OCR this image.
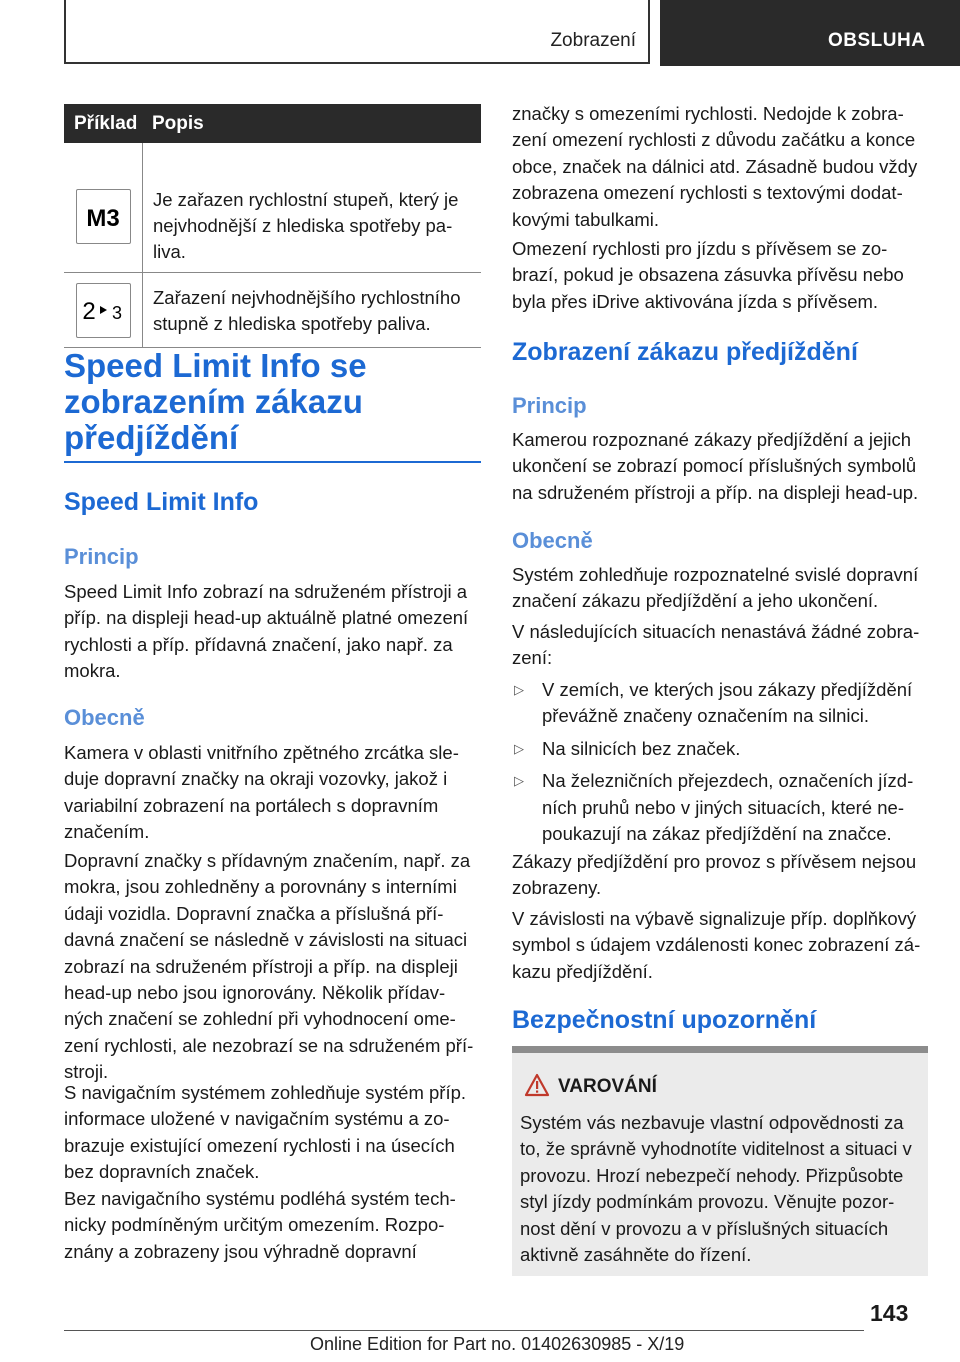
Zobrazení	OBSLUHA
Příklad Popis
M3
Je zařazen rychlostní stupeň, který je nejvhodnější z hlediska spotřeby pa‐liva.
2 3
Zařazení nejvhodnějšího rychlostního stupně z hlediska spotřeby paliva.
Speed Limit Info se zobrazením zákazu předjíždění
Speed Limit Info
Princip
Speed Limit Info zobrazí na sdruženém přístroji a příp. na displeji head-up aktuálně platné omezení rychlosti a příp. přídavná značení, jako např. za mokra.
Obecně
Kamera v oblasti vnitřního zpětného zrcátka sle‐duje dopravní značky na okraji vozovky, jakož i variabilní zobrazení na portálech s dopravním značením.
Dopravní značky s přídavným značením, např. za mokra, jsou zohledněny a porovnány s interními údaji vozidla. Dopravní značka a příslušná pří‐davná značení se následně v závislosti na situaci zobrazí na sdruženém přístroji a příp. na displeji head-up nebo jsou ignorovány. Několik přídav‐ných značení se zohlední při vyhodnocení ome‐zení rychlosti, ale nezobrazí se na sdruženém pří‐stroji.
S navigačním systémem zohledňuje systém příp. informace uložené v navigačním systému a zo‐brazuje existující omezení rychlosti i na úsecích bez dopravních značek.
Bez navigačního systému podléhá systém tech‐nicky podmíněným určitým omezením. Rozpo‐znány a zobrazeny jsou výhradně dopravní
značky s omezeními rychlosti. Nedojde k zobra‐zení omezení rychlosti z důvodu začátku a konce obce, značek na dálnici atd. Zásadně budou vždy zobrazena omezení rychlosti s textovými dodat‐kovými tabulkami.
Omezení rychlosti pro jízdu s přívěsem se zo‐brazí, pokud je obsazena zásuvka přívěsu nebo byla přes iDrive aktivována jízda s přívěsem.
Zobrazení zákazu předjíždění
Princip
Kamerou rozpoznané zákazy předjíždění a jejich ukončení se zobrazí pomocí příslušných symbolů na sdruženém přístroji a příp. na displeji head-up.
Obecně
Systém zohledňuje rozpoznatelné svislé dopravní značení zákazu předjíždění a jeho ukončení.
V následujících situacích nenastává žádné zobra‐zení:
▷ V zemích, ve kterých jsou zákazy předjíždění převážně značeny označením na silnici.
▷ Na silnicích bez značek.
▷ Na železničních přejezdech, označeních jízd‐ních pruhů nebo v jiných situacích, které ne‐poukazují na zákaz předjíždění na značce.
Zákazy předjíždění pro provoz s přívěsem nejsou zobrazeny.
V závislosti na výbavě signalizuje příp. doplňkový symbol s údajem vzdálenosti konec zobrazení zá‐kazu předjíždění.
Bezpečnostní upozornění
VAROVÁNÍ
Systém vás nezbavuje vlastní odpovědnosti za to, že správně vyhodnotíte viditelnost a situaci v provozu. Hrozí nebezpečí nehody. Přizpůsobte styl jízdy podmínkám provozu. Věnujte pozor‐nost dění v provozu a v příslušných situacích aktivně zasáhněte do řízení.
143
Online Edition for Part no. 01402630985 - X/19
